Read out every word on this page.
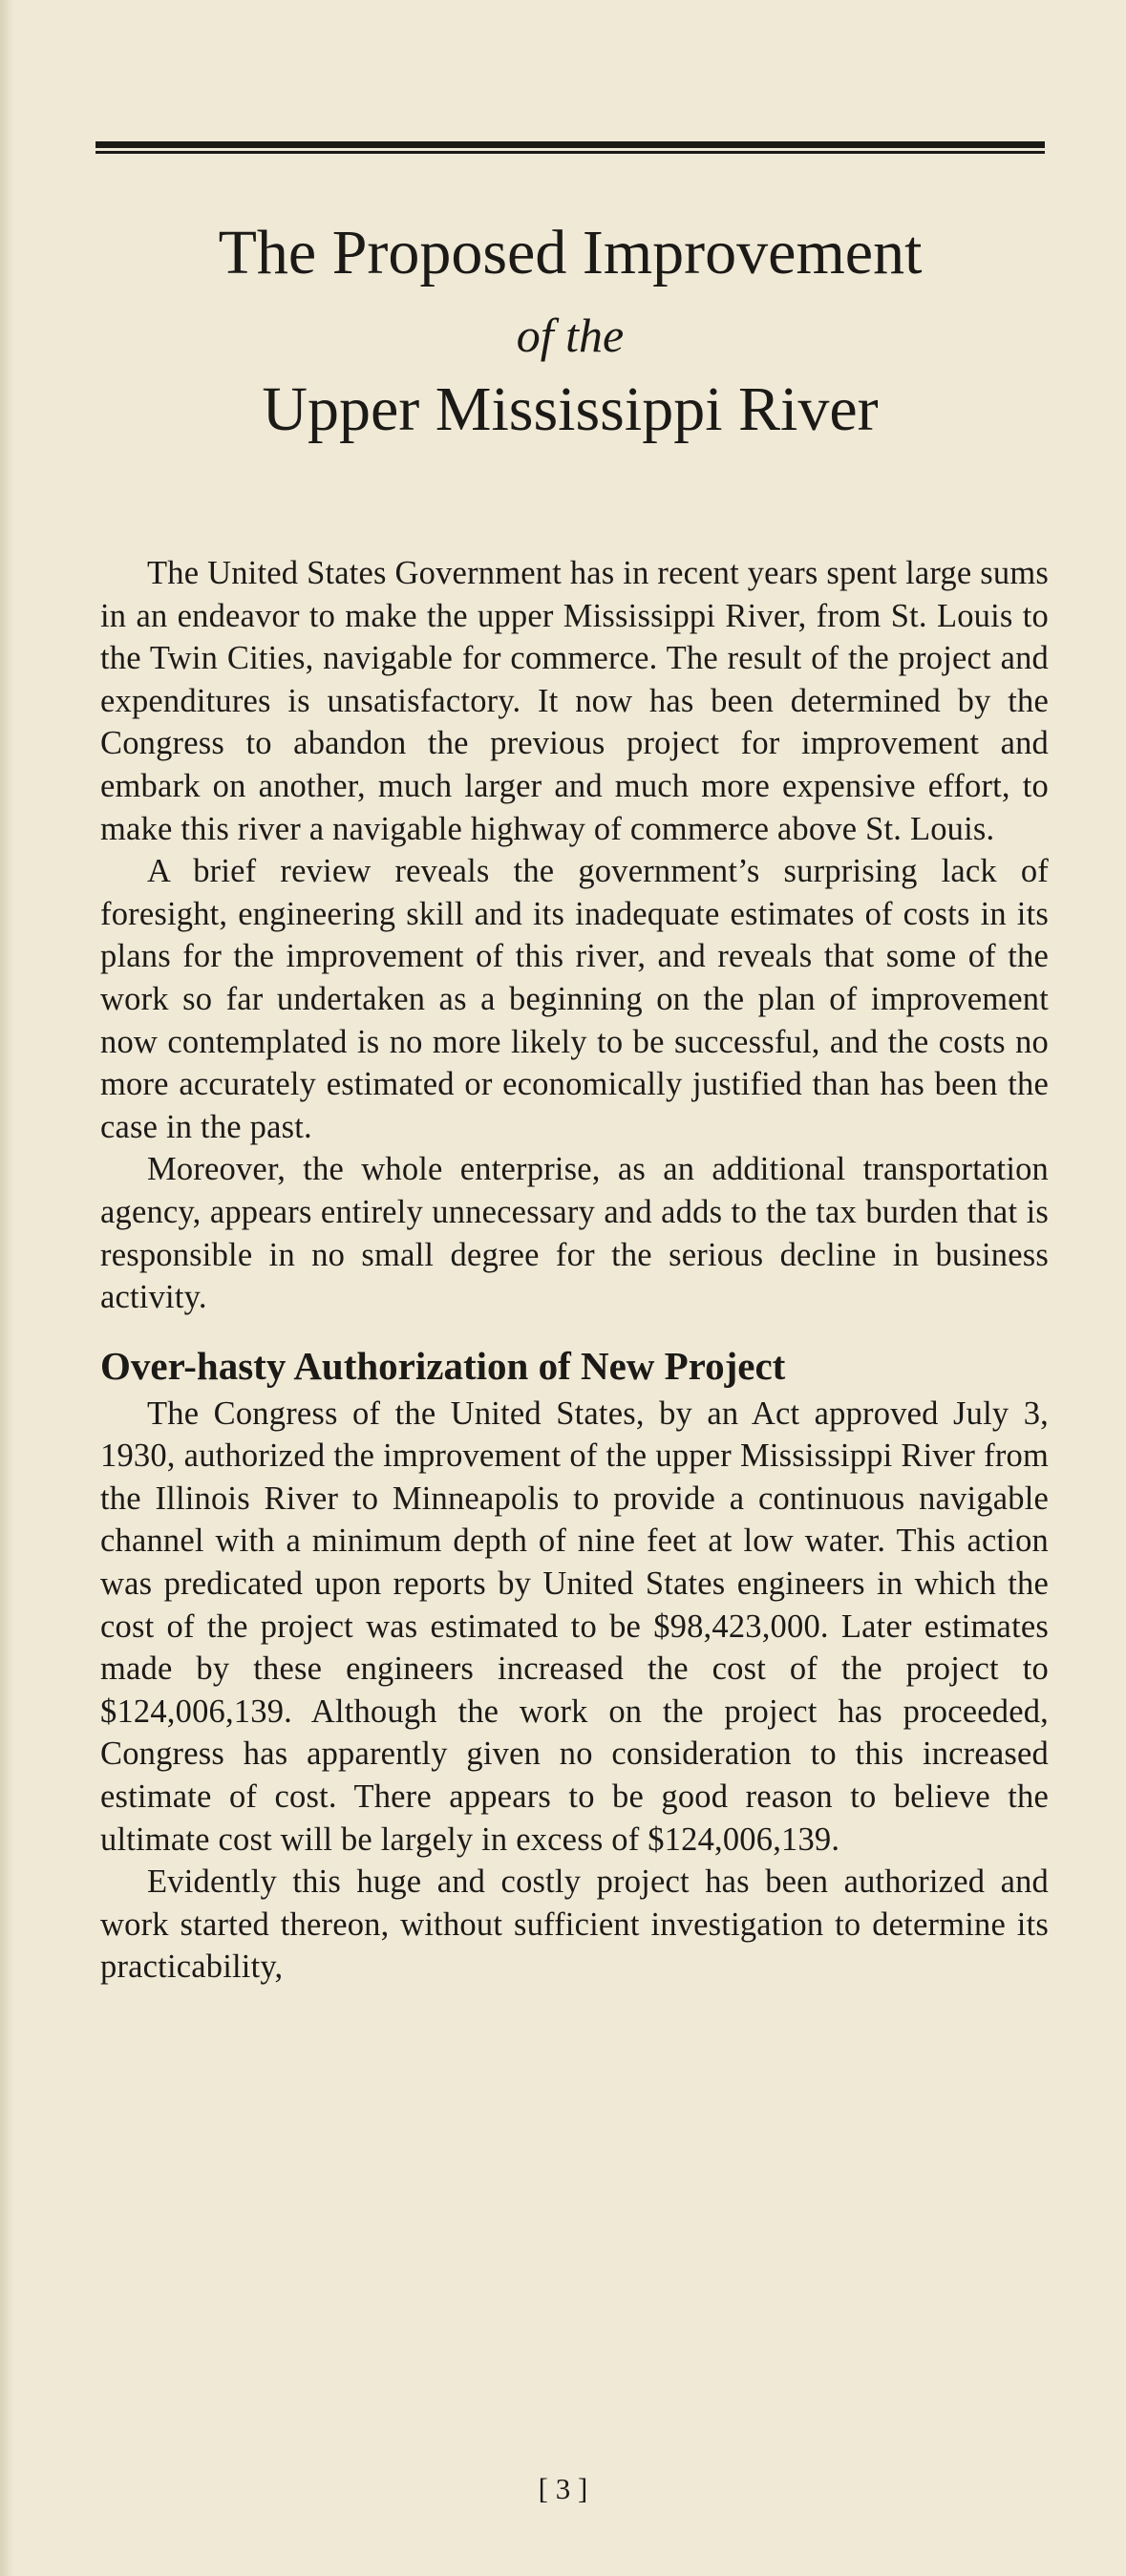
The Proposed Improvement
of the
Upper Mississippi River

The United States Government has in recent years spent large sums in an endeavor to make the upper Mississippi River, from St. Louis to the Twin Cities, navigable for commerce. The result of the project and expenditures is unsatisfactory. It now has been determined by the Congress to abandon the previous project for improvement and embark on another, much larger and much more expensive effort, to make this river a navigable highway of commerce above St. Louis.

A brief review reveals the government’s surprising lack of foresight, engineering skill and its inadequate estimates of costs in its plans for the improvement of this river, and reveals that some of the work so far undertaken as a beginning on the plan of improvement now contemplated is no more likely to be successful, and the costs no more accurately estimated or economically justified than has been the case in the past.

Moreover, the whole enterprise, as an additional transportation agency, appears entirely unnecessary and adds to the tax burden that is responsible in no small degree for the serious decline in business activity.

Over-hasty Authorization of New Project

The Congress of the United States, by an Act approved July 3, 1930, authorized the improvement of the upper Mississippi River from the Illinois River to Minneapolis to provide a continuous navigable channel with a minimum depth of nine feet at low water. This action was predicated upon reports by United States engineers in which the cost of the project was estimated to be $98,423,000. Later estimates made by these engineers increased the cost of the project to $124,006,139. Although the work on the project has proceeded, Congress has apparently given no consideration to this increased estimate of cost. There appears to be good reason to believe the ultimate cost will be largely in excess of $124,006,139.

Evidently this huge and costly project has been authorized and work started thereon, without sufficient investigation to determine its practicability,

[ 3 ]
